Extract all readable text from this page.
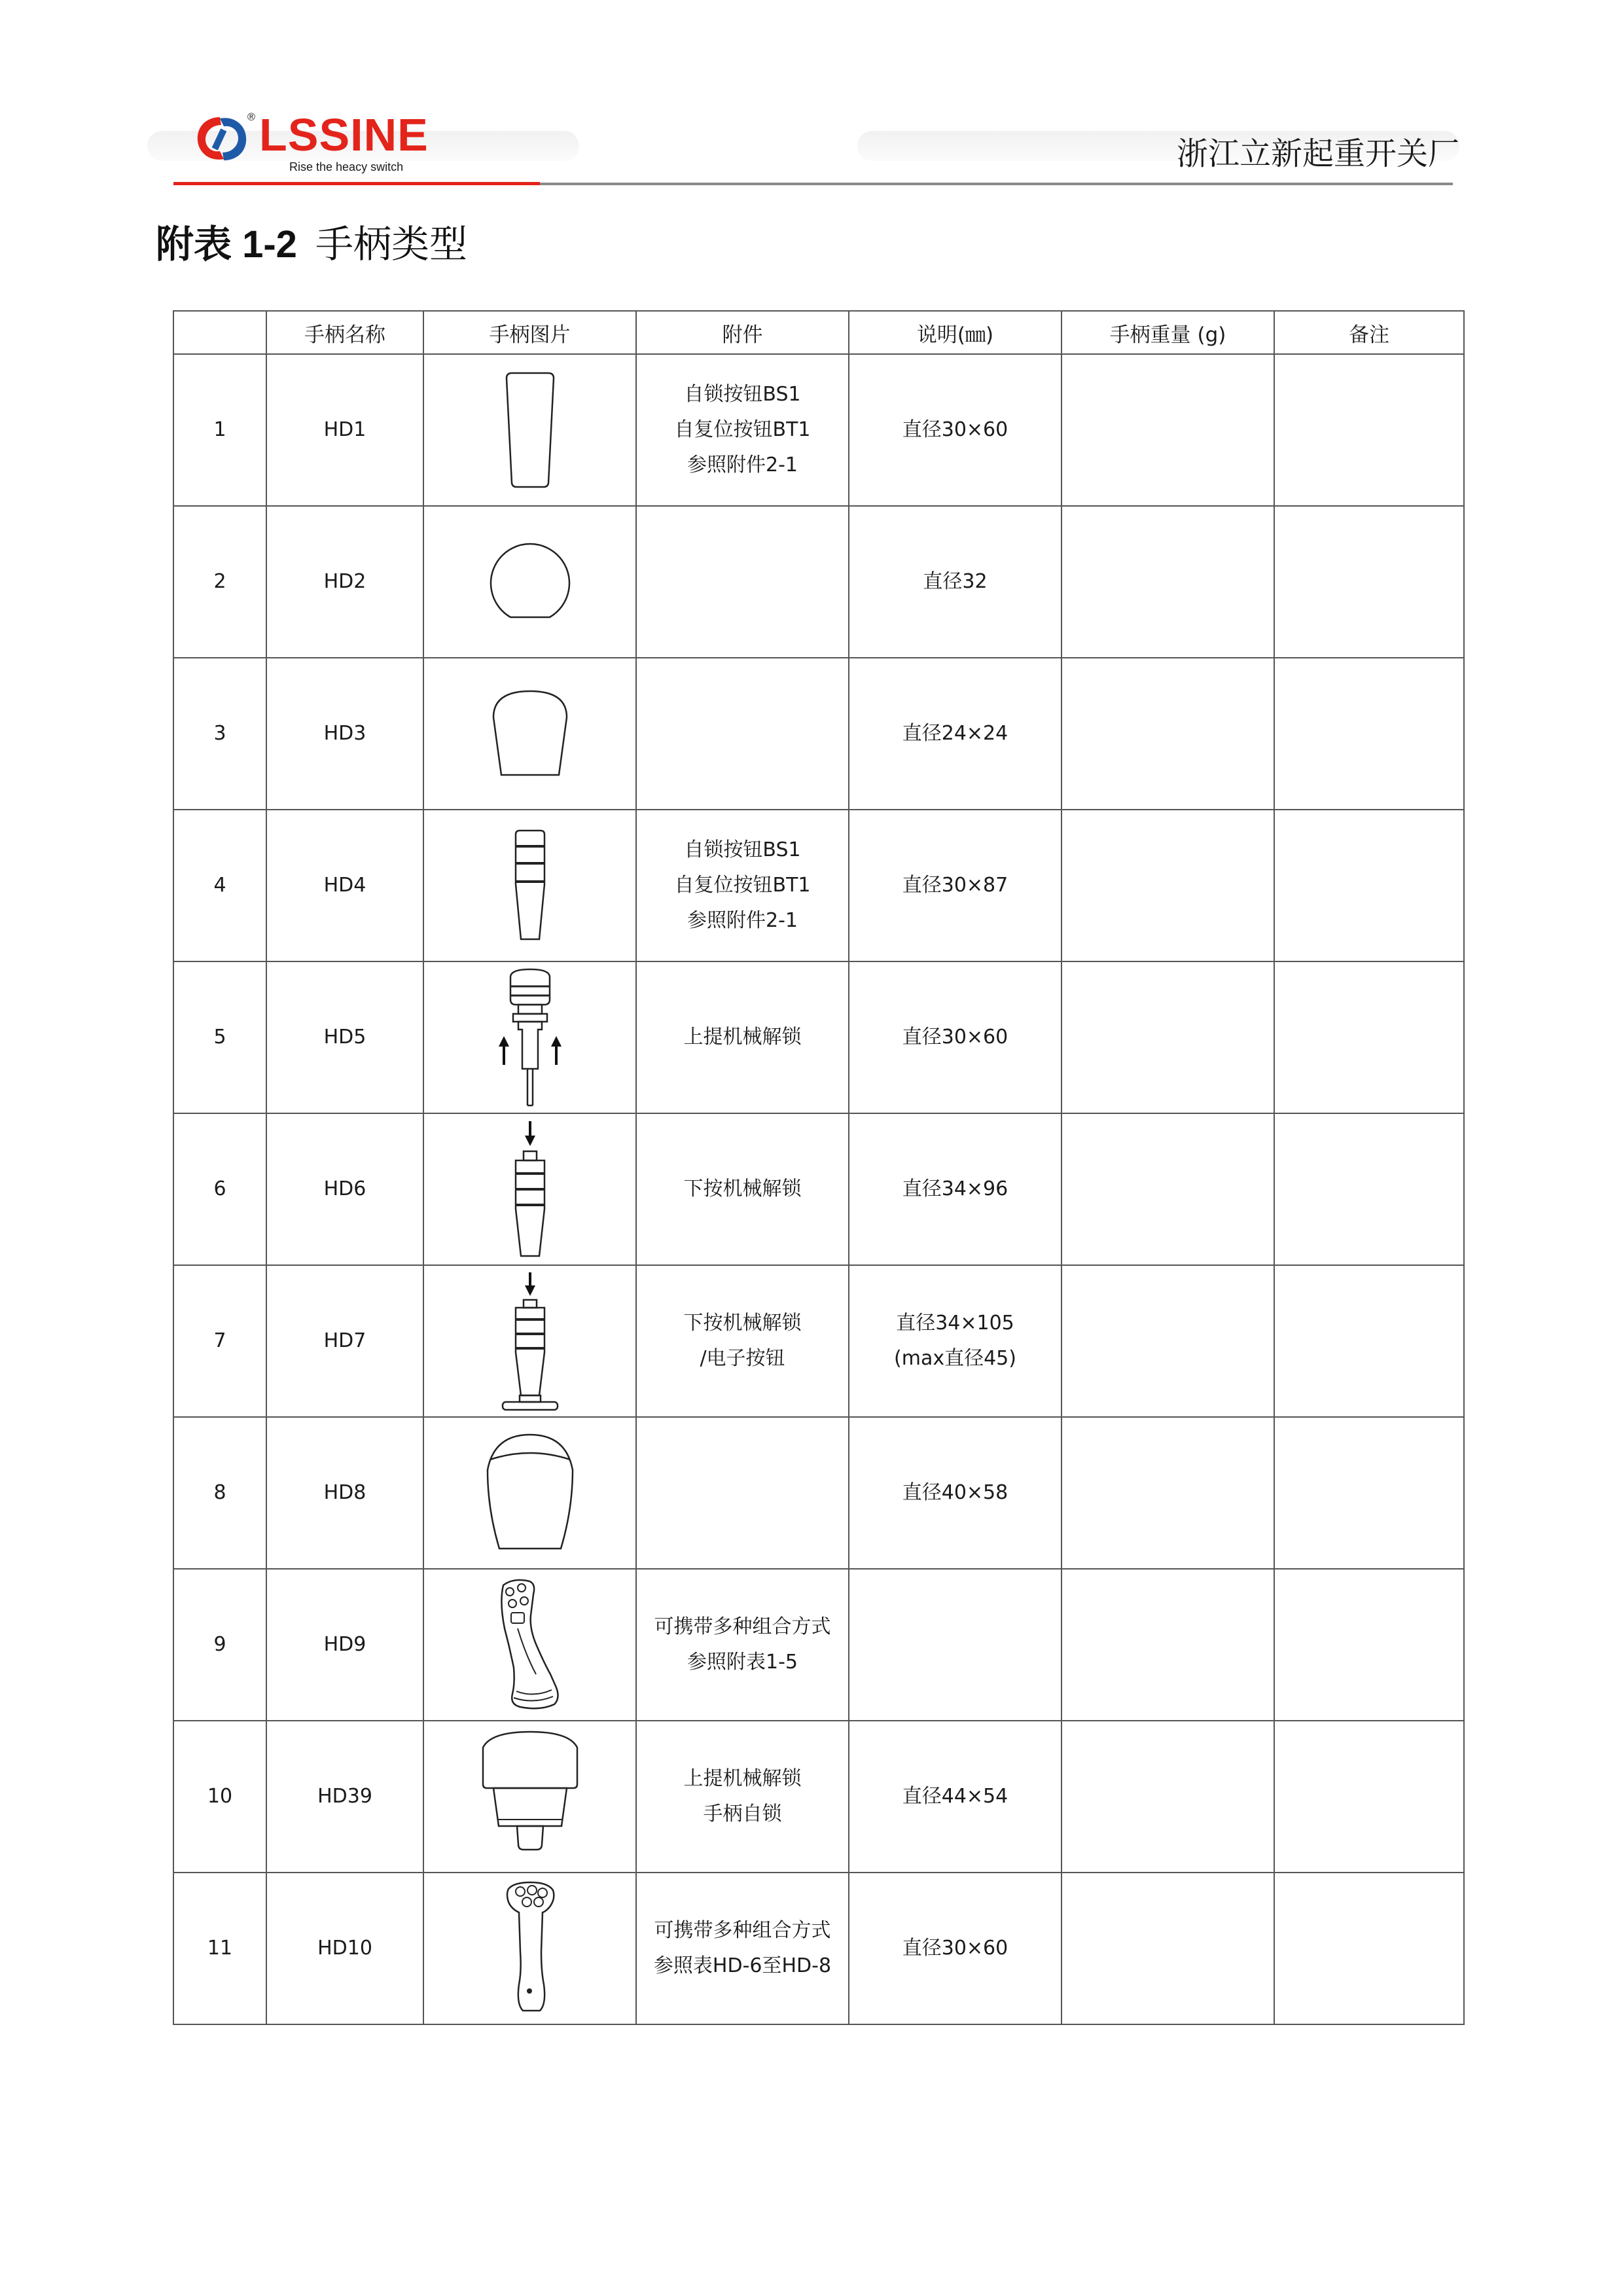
® LSSINE
Rise the heacy switch	浙江立新起重开关厂
附表 1-2 手柄类型
	手柄名称	手柄图片	附件	说明(㎜)	手柄重量 (g)	备注
1	HD1		自锁按钮BS1
自复位按钮BT1
参照附件2-1	直径30×60		
2	HD2			直径32		
3	HD3			直径24×24		
4	HD4		自锁按钮BS1
自复位按钮BT1
参照附件2-1	直径30×87		
5	HD5		上提机械解锁	直径30×60		
6	HD6		下按机械解锁	直径34×96		
7	HD7		下按机械解锁
/电子按钮	直径34×105
(max直径45)		
8	HD8			直径40×58		
9	HD9		可携带多种组合方式
参照附表1-5			
10	HD39		上提机械解锁
手柄自锁	直径44×54		
11	HD10		可携带多种组合方式
参照表HD-6至HD-8	直径30×60		
